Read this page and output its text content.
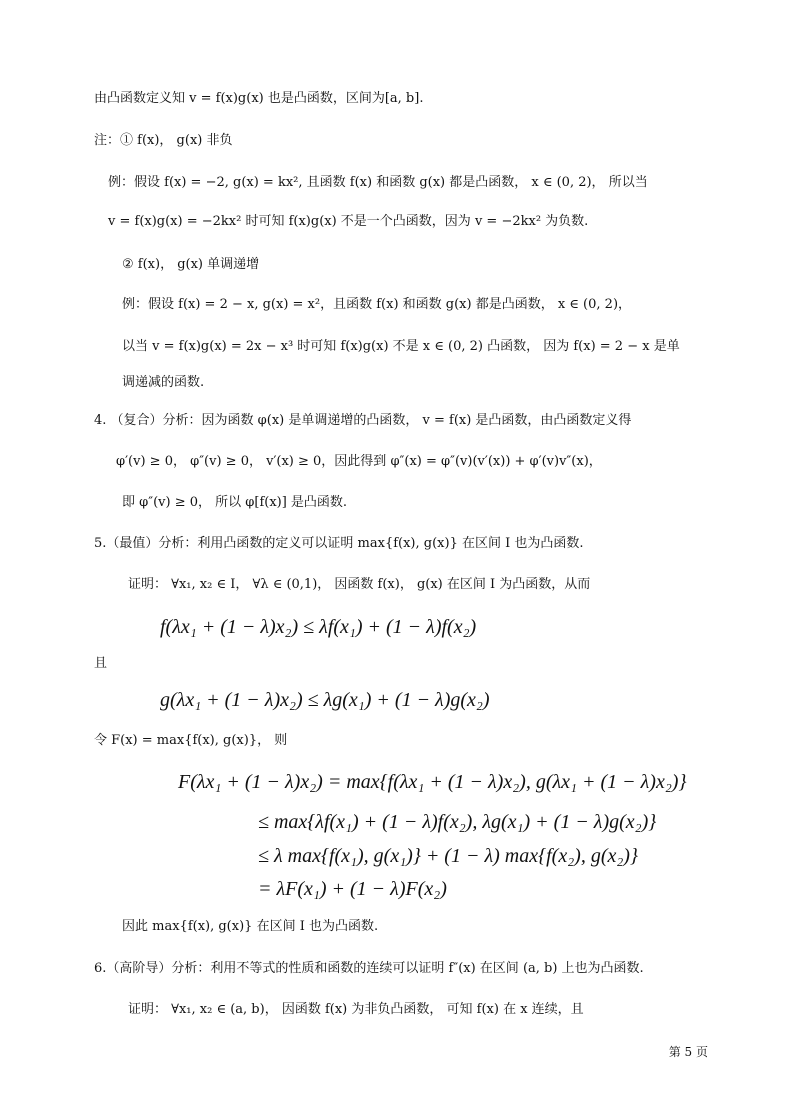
由凸函数定义知 v = f(x)g(x) 也是凸函数，区间为[a, b].
注：① f(x)， g(x) 非负
例：假设 f(x) = −2, g(x) = kx², 且函数 f(x) 和函数 g(x) 都是凸函数， x ∈ (0, 2)， 所以当
v = f(x)g(x) = −2kx² 时可知 f(x)g(x) 不是一个凸函数，因为 v = −2kx² 为负数.
② f(x)， g(x) 单调递增
例：假设 f(x) = 2 − x, g(x) = x²，且函数 f(x) 和函数 g(x) 都是凸函数， x ∈ (0, 2)，
以当 v = f(x)g(x) = 2x − x³ 时可知 f(x)g(x) 不是 x ∈ (0, 2) 凸函数， 因为 f(x) = 2 − x 是单
调递减的函数.
4. （复合）分析：因为函数 φ(x) 是单调递增的凸函数， v = f(x) 是凸函数，由凸函数定义得
φ′(v) ≥ 0， φ″(v) ≥ 0， v′(x) ≥ 0，因此得到 φ″(x) = φ″(v)(v′(x)) + φ′(v)v″(x)，
即 φ″(v) ≥ 0， 所以 φ[f(x)] 是凸函数.
5.（最值）分析：利用凸函数的定义可以证明 max{f(x), g(x)} 在区间 I 也为凸函数.
证明： ∀x₁, x₂ ∈ I， ∀λ ∈ (0,1)， 因函数 f(x)， g(x) 在区间 I 为凸函数，从而
f(λx₁ + (1 − λ)x₂) ≤ λf(x₁) + (1 − λ)f(x₂)
且
g(λx₁ + (1 − λ)x₂) ≤ λg(x₁) + (1 − λ)g(x₂)
令 F(x) = max{f(x), g(x)}， 则
F(λx₁ + (1 − λ)x₂) = max{f(λx₁ + (1 − λ)x₂), g(λx₁ + (1 − λ)x₂)}
≤ max{λf(x₁) + (1 − λ)f(x₂), λg(x₁) + (1 − λ)g(x₂)}
≤ λ max{f(x₁), g(x₁)} + (1 − λ) max{f(x₂), g(x₂)}
= λF(x₁) + (1 − λ)F(x₂)
因此 max{f(x), g(x)} 在区间 I 也为凸函数.
6.（高阶导）分析：利用不等式的性质和函数的连续可以证明 f″(x) 在区间 (a, b) 上也为凸函数.
证明： ∀x₁, x₂ ∈ (a, b)， 因函数 f(x) 为非负凸函数， 可知 f(x) 在 x 连续，且
第 5 页
